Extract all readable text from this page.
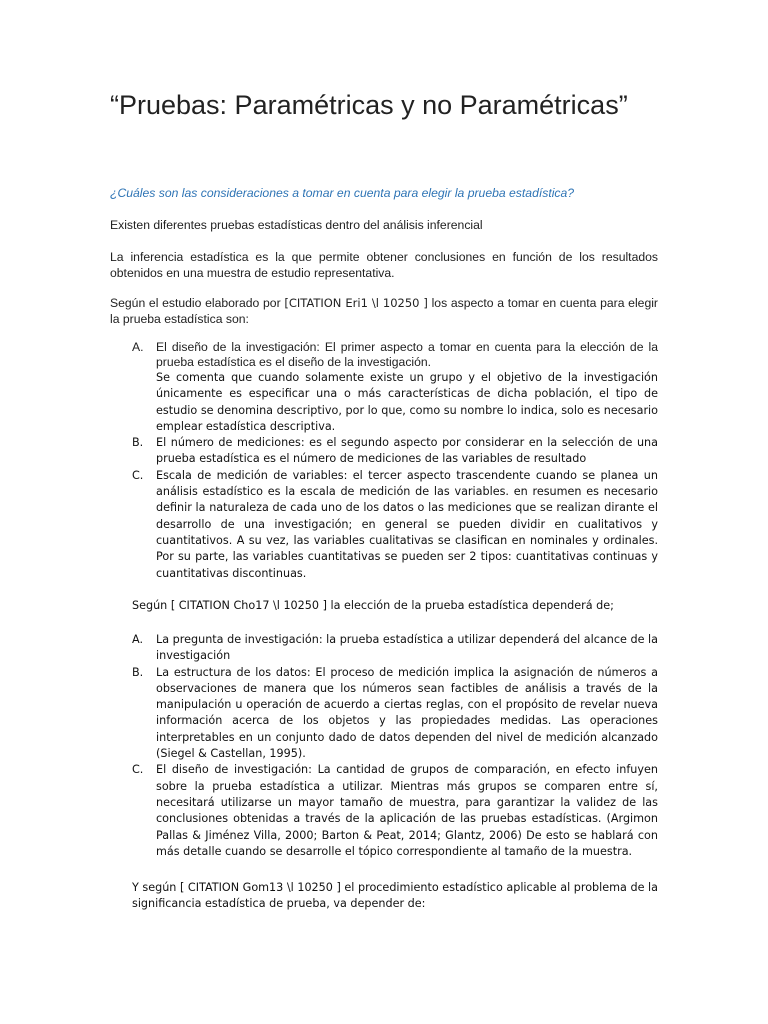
“Pruebas: Paramétricas y no Paramétricas”
¿Cuáles son las consideraciones a tomar en cuenta para elegir la prueba estadística?

Existen diferentes pruebas estadísticas dentro del análisis inferencial

La inferencia estadística es la que permite obtener conclusiones en función de los resultados obtenidos en una muestra de estudio representativa.

Según el estudio elaborado por [CITATION Eri1 \l 10250 ] los aspecto a tomar en cuenta para elegir la prueba estadística son:

A.	El diseño de la investigación: El primer aspecto a tomar en cuenta para la elección de la prueba estadística es el diseño de la investigación.
Se comenta que cuando solamente existe un grupo y el objetivo de la investigación únicamente es especificar una o más características de dicha población, el tipo de estudio se denomina descriptivo, por lo que, como su nombre lo indica, solo es necesario emplear estadística descriptiva.
B.	El número de mediciones: es el segundo aspecto por considerar en la selección de una prueba estadística es el número de mediciones de las variables de resultado
C.	Escala de medición de variables: el tercer aspecto trascendente cuando se planea un análisis estadístico es la escala de medición de las variables. en resumen es necesario definir la naturaleza de cada uno de los datos o las mediciones que se realizan dirante el desarrollo de una investigación; en general se pueden dividir en cualitativos y cuantitativos. A su vez, las variables cualitativas se clasifican en nominales y ordinales. Por su parte, las variables cuantitativas se pueden ser 2 tipos: cuantitativas continuas y cuantitativas discontinuas.

Según [ CITATION Cho17 \l 10250 ] la elección de la prueba estadística dependerá de;

A.	La pregunta de investigación: la prueba estadística a utilizar dependerá del alcance de la investigación
B.	La estructura de los datos: El proceso de medición implica la asignación de números a observaciones de manera que los números sean factibles de análisis a través de la manipulación u operación de acuerdo a ciertas reglas, con el propósito de revelar nueva información acerca de los objetos y las propiedades medidas. Las operaciones interpretables en un conjunto dado de datos dependen del nivel de medición alcanzado (Siegel & Castellan, 1995).
C.	El diseño de investigación: La cantidad de grupos de comparación, en efecto infuyen sobre la prueba estadística a utilizar. Mientras más grupos se comparen entre sí, necesitará utilizarse un mayor tamaño de muestra, para garantizar la validez de las conclusiones obtenidas a través de la aplicación de las pruebas estadísticas. (Argimon Pallas & Jiménez Villa, 2000; Barton & Peat, 2014; Glantz, 2006) De esto se hablará con más detalle cuando se desarrolle el tópico correspondiente al tamaño de la muestra.

Y según [ CITATION Gom13 \l 10250 ] el procedimiento estadístico aplicable al problema de la significancia estadística de prueba, va depender de:
